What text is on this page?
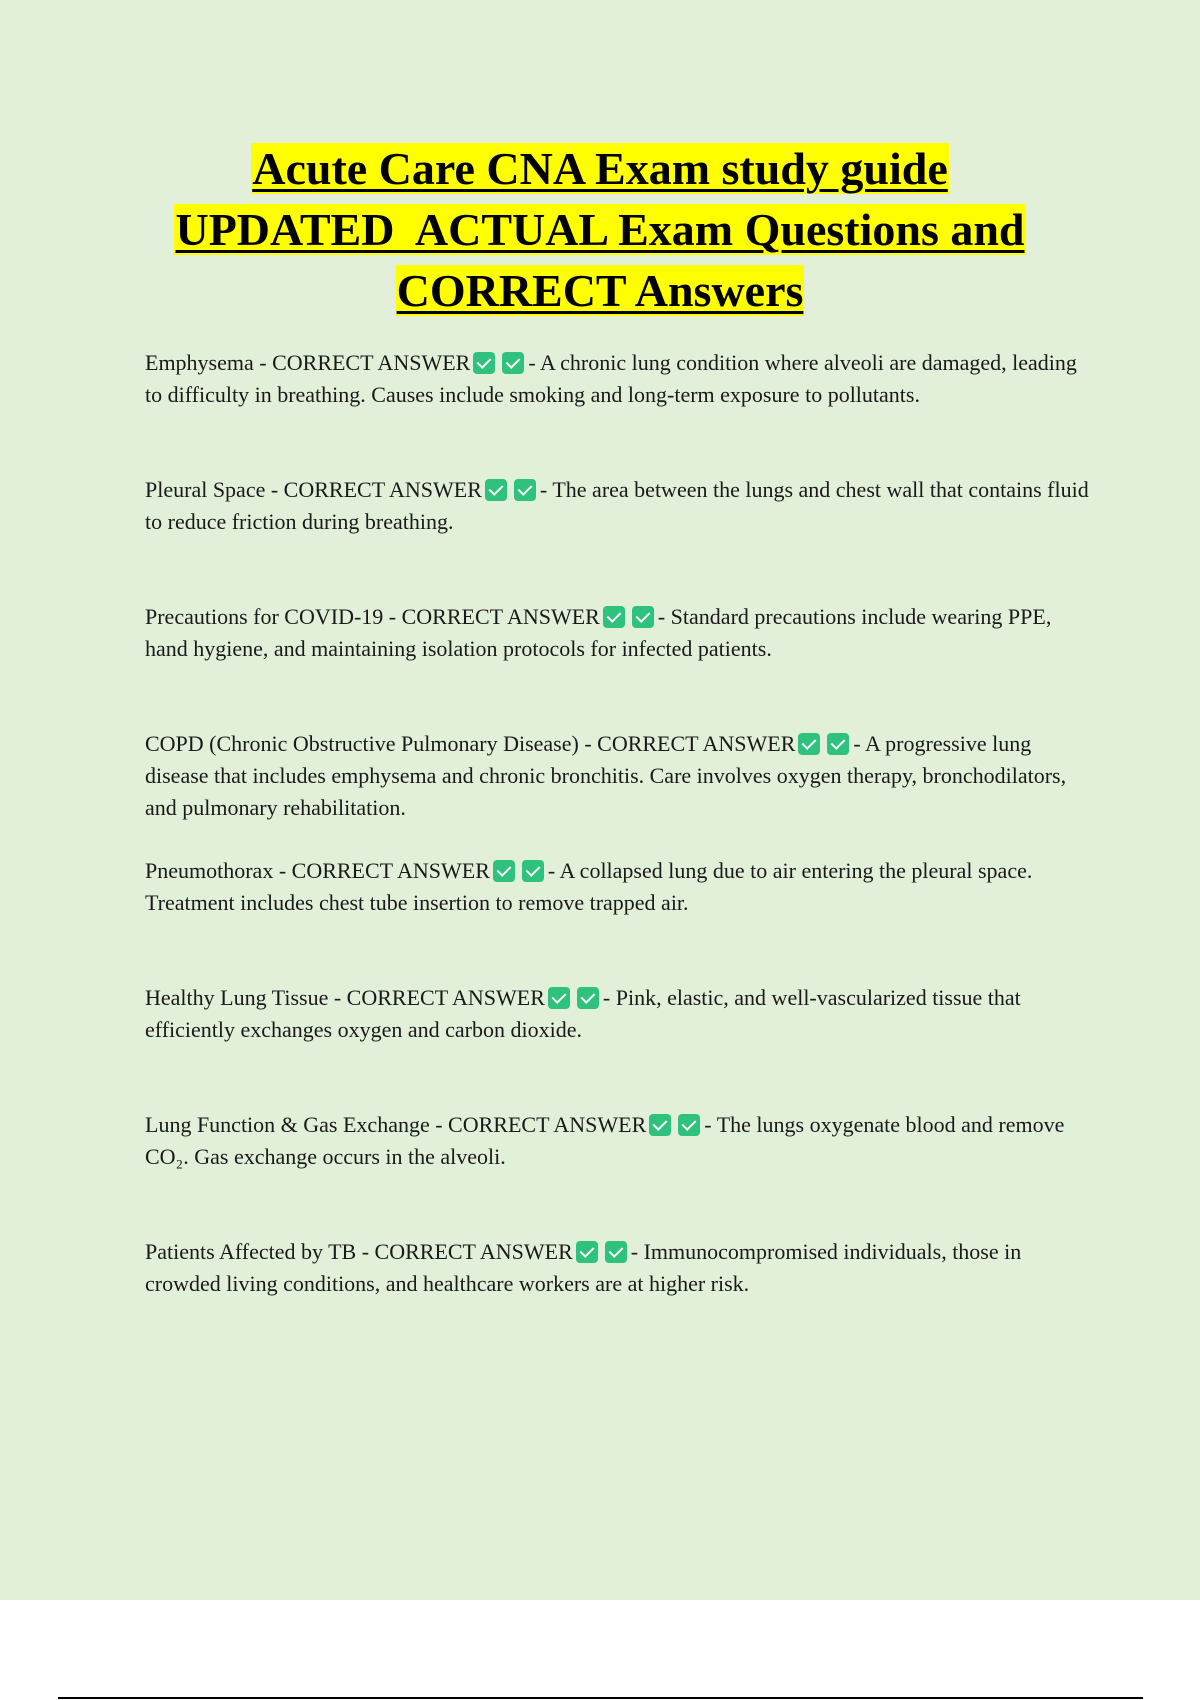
Acute Care CNA Exam study guide
UPDATED  ACTUAL Exam Questions and
CORRECT Answers

Emphysema - CORRECT ANSWER	- A chronic lung condition where alveoli are damaged, leading to difficulty in breathing. Causes include smoking and long-term exposure to pollutants.

Pleural Space - CORRECT ANSWER	- The area between the lungs and chest wall that contains fluid to reduce friction during breathing.

Precautions for COVID-19 - CORRECT ANSWER	- Standard precautions include wearing PPE, hand hygiene, and maintaining isolation protocols for infected patients.

COPD (Chronic Obstructive Pulmonary Disease) - CORRECT ANSWER	- A progressive lung disease that includes emphysema and chronic bronchitis. Care involves oxygen therapy, bronchodilators, and pulmonary rehabilitation.

Pneumothorax - CORRECT ANSWER	- A collapsed lung due to air entering the pleural space. Treatment includes chest tube insertion to remove trapped air.

Healthy Lung Tissue - CORRECT ANSWER	- Pink, elastic, and well-vascularized tissue that efficiently exchanges oxygen and carbon dioxide.

Lung Function & Gas Exchange - CORRECT ANSWER	- The lungs oxygenate blood and remove CO₂. Gas exchange occurs in the alveoli.

Patients Affected by TB - CORRECT ANSWER	- Immunocompromised individuals, those in crowded living conditions, and healthcare workers are at higher risk.
